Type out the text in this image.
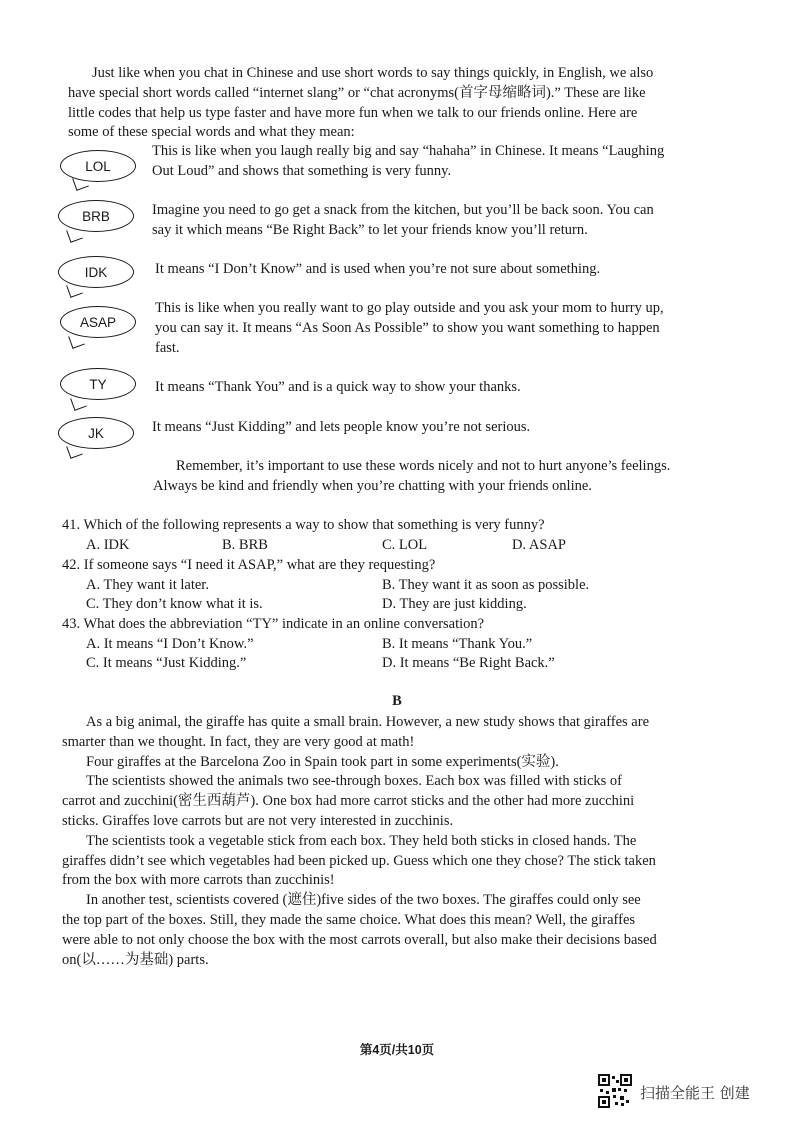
Just like when you chat in Chinese and use short words to say things quickly, in English, we also
have special short words called “internet slang” or “chat acronyms(首字母缩略词).” These are like
little codes that help us type faster and have more fun when we talk to our friends online. Here are
some of these special words and what they mean:
LOL
This is like when you laugh really big and say “hahaha” in Chinese. It means “Laughing
Out Loud” and shows that something is very funny.
BRB	Imagine you need to go get a snack from the kitchen, but you’ll be back soon. You can
say it which means “Be Right Back” to let your friends know you’ll return.
IDK	It means “I Don’t Know” and is used when you’re not sure about something.
ASAP
This is like when you really want to go play outside and you ask your mom to hurry up,
you can say it. It means “As Soon As Possible” to show you want something to happen
fast.
TY	It means “Thank You” and is a quick way to show your thanks.
JK	It means “Just Kidding” and lets people know you’re not serious.
Remember, it’s important to use these words nicely and not to hurt anyone’s feelings.
Always be kind and friendly when you’re chatting with your friends online.
41. Which of the following represents a way to show that something is very funny?
A. IDK	B. BRB	C. LOL	D. ASAP
42. If someone says “I need it ASAP,” what are they requesting?
A. They want it later.	B. They want it as soon as possible.
C. They don’t know what it is.	D. They are just kidding.
43. What does the abbreviation “TY” indicate in an online conversation?
A. It means “I Don’t Know.”	B. It means “Thank You.”
C. It means “Just Kidding.”	D. It means “Be Right Back.”
B
As a big animal, the giraffe has quite a small brain. However, a new study shows that giraffes are
smarter than we thought. In fact, they are very good at math!
Four giraffes at the Barcelona Zoo in Spain took part in some experiments(实验).
The scientists showed the animals two see-through boxes. Each box was filled with sticks of
carrot and zucchini(密生西葫芦). One box had more carrot sticks and the other had more zucchini
sticks. Giraffes love carrots but are not very interested in zucchinis.
The scientists took a vegetable stick from each box. They held both sticks in closed hands. The
giraffes didn’t see which vegetables had been picked up. Guess which one they chose? The stick taken
from the box with more carrots than zucchinis!
In another test, scientists covered (遮住)five sides of the two boxes. The giraffes could only see
the top part of the boxes. Still, they made the same choice. What does this mean? Well, the giraffes
were able to not only choose the box with the most carrots overall, but also make their decisions based
on(以……为基础) parts.
第4页/共10页
扫描全能王 创建
